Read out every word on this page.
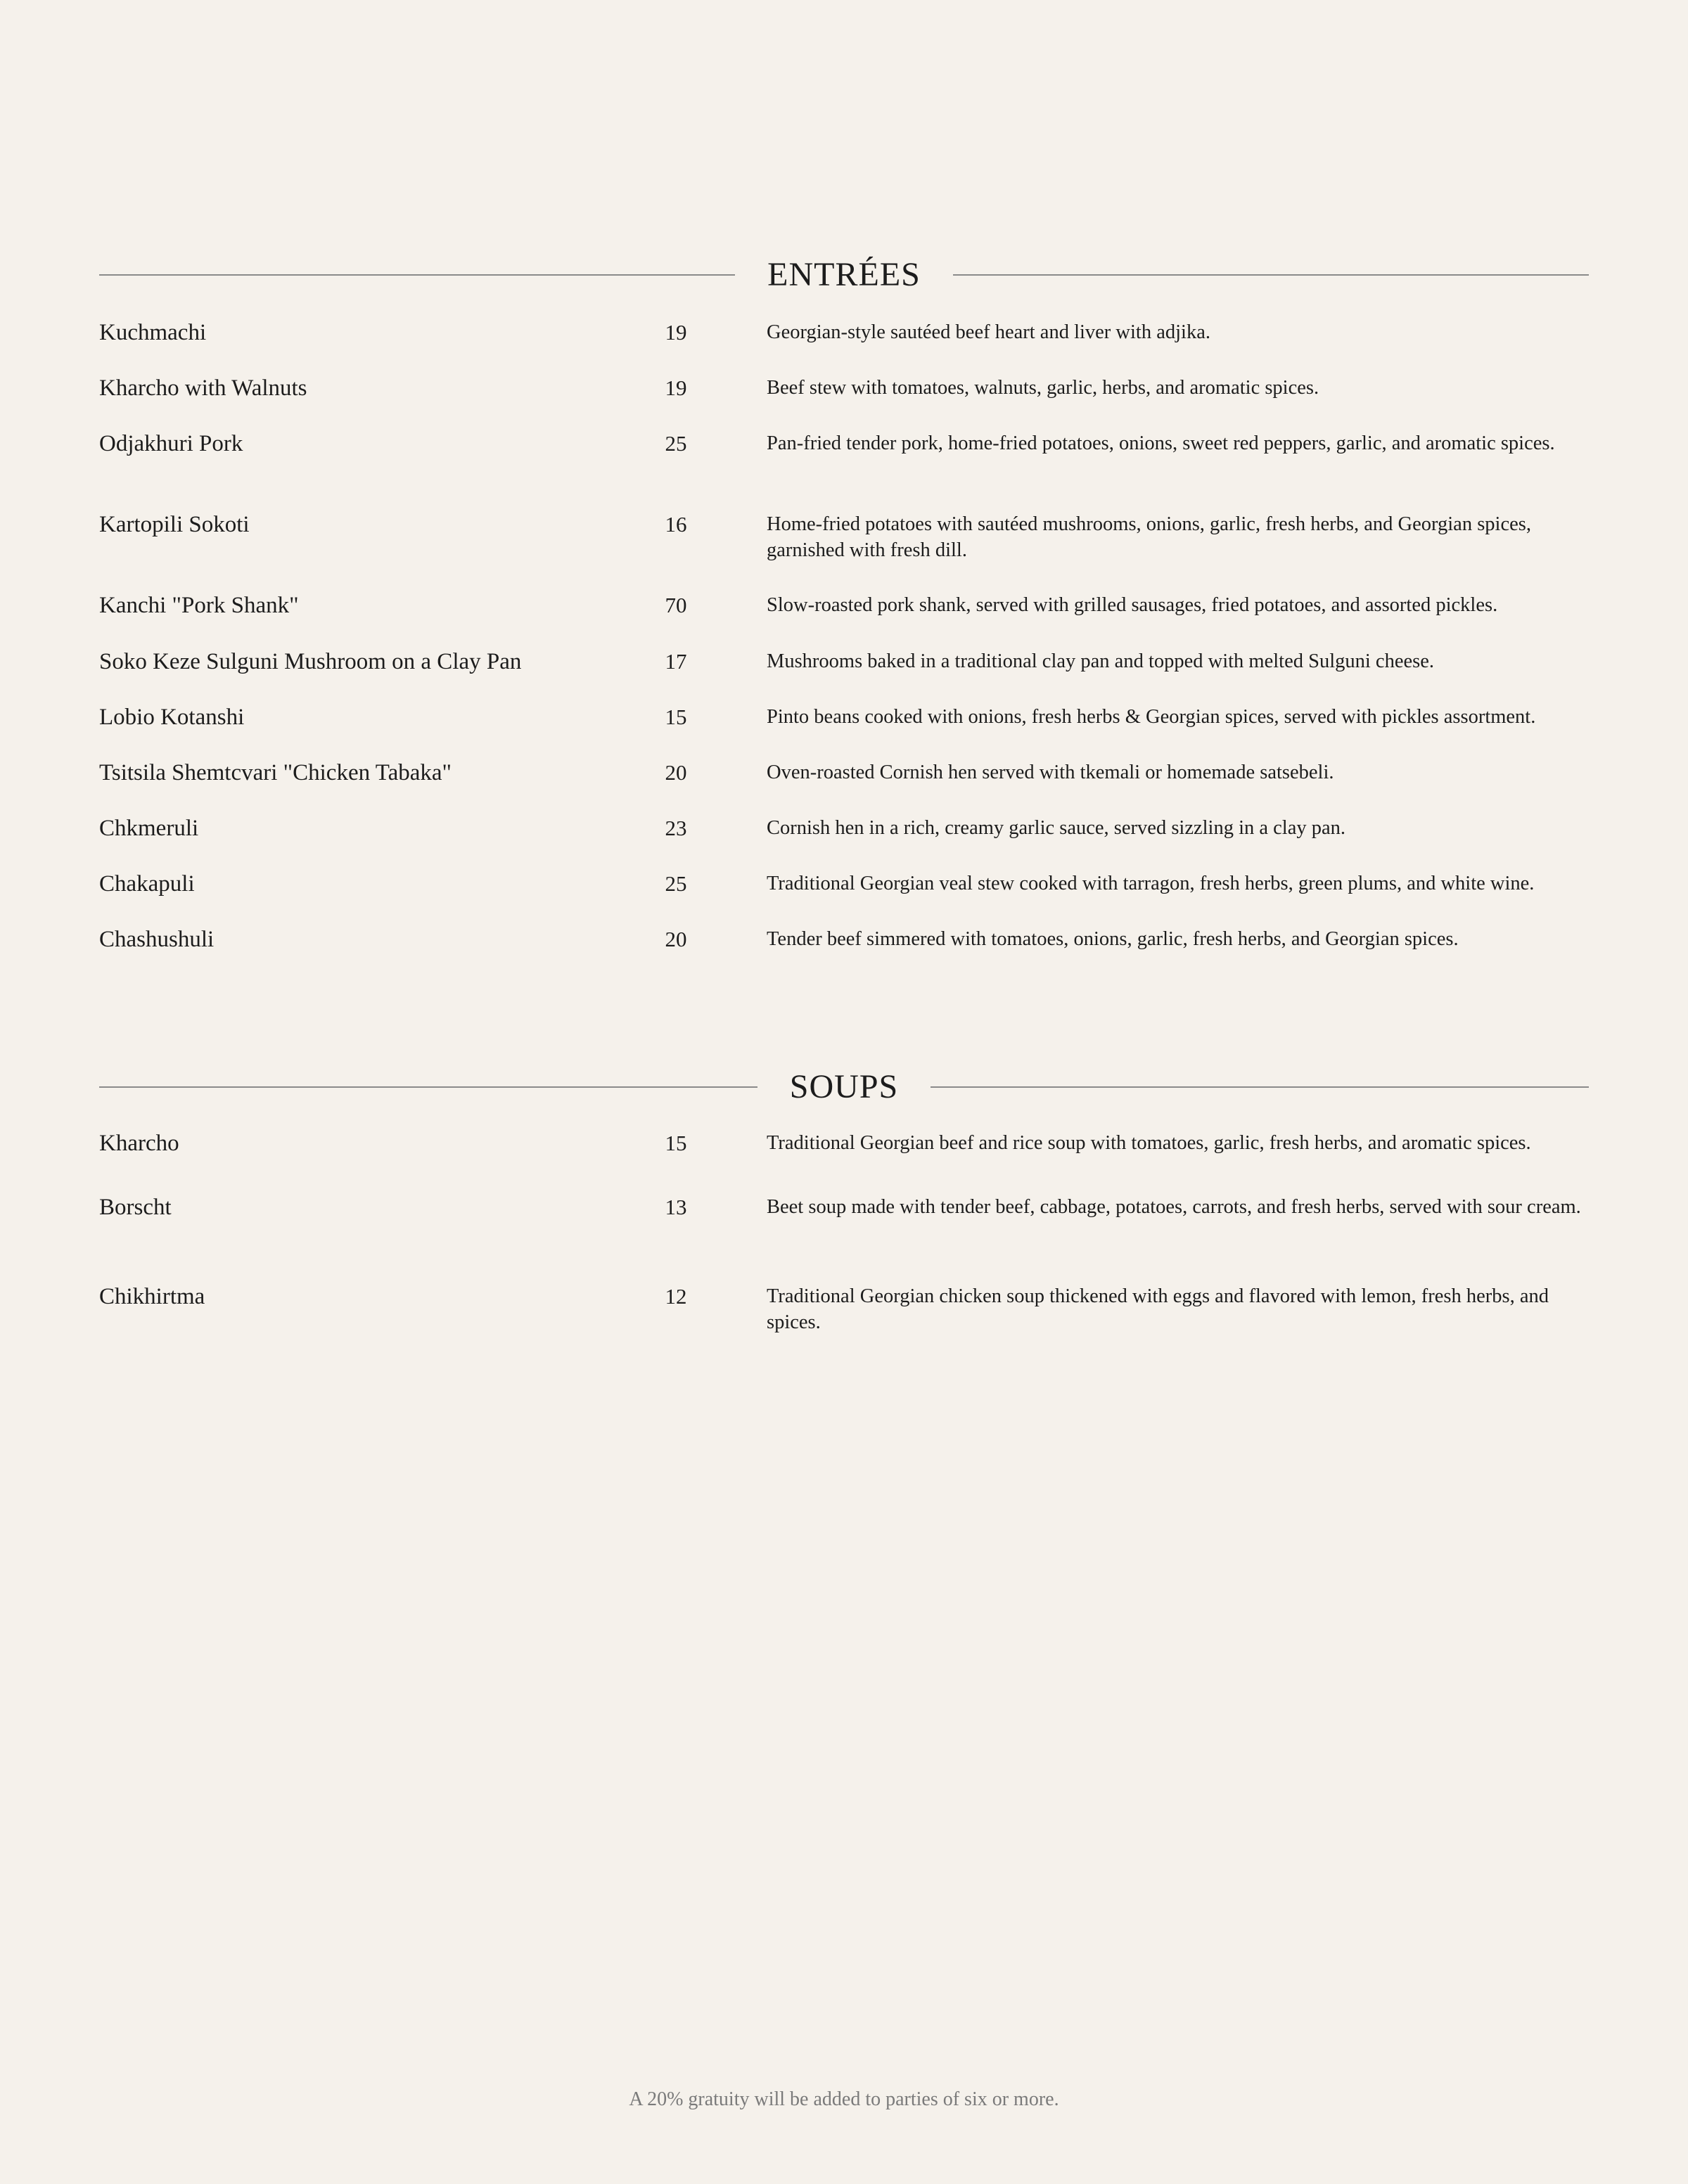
ENTRÉES
Kuchmachi	19	Georgian-style sautéed beef heart and liver with adjika.
Kharcho with Walnuts	19	Beef stew with tomatoes, walnuts, garlic, herbs, and aromatic spices.
Odjakhuri Pork	25	Pan-fried tender pork, home-fried potatoes, onions, sweet red peppers, garlic, and aromatic spices.
Kartopili Sokoti	16	Home-fried potatoes with sautéed mushrooms, onions, garlic, fresh herbs, and Georgian spices, garnished with fresh dill.
Kanchi "Pork Shank"	70	Slow-roasted pork shank, served with grilled sausages, fried potatoes, and assorted pickles.
Soko Keze Sulguni Mushroom on a Clay Pan	17	Mushrooms baked in a traditional clay pan and topped with melted Sulguni cheese.
Lobio Kotanshi	15	Pinto beans cooked with onions, fresh herbs & Georgian spices, served with pickles assortment.
Tsitsila Shemtcvari "Chicken Tabaka"	20	Oven-roasted Cornish hen served with tkemali or homemade satsebeli.
Chkmeruli	23	Cornish hen in a rich, creamy garlic sauce, served sizzling in a clay pan.
Chakapuli	25	Traditional Georgian veal stew cooked with tarragon, fresh herbs, green plums, and white wine.
Chashushuli	20	Tender beef simmered with tomatoes, onions, garlic, fresh herbs, and Georgian spices.
SOUPS
Kharcho	15	Traditional Georgian beef and rice soup with tomatoes, garlic, fresh herbs, and aromatic spices.
Borscht	13	Beet soup made with tender beef, cabbage, potatoes, carrots, and fresh herbs, served with sour cream.
Chikhirtma	12	Traditional Georgian chicken soup thickened with eggs and flavored with lemon, fresh herbs, and spices.
A 20% gratuity will be added to parties of six or more.
